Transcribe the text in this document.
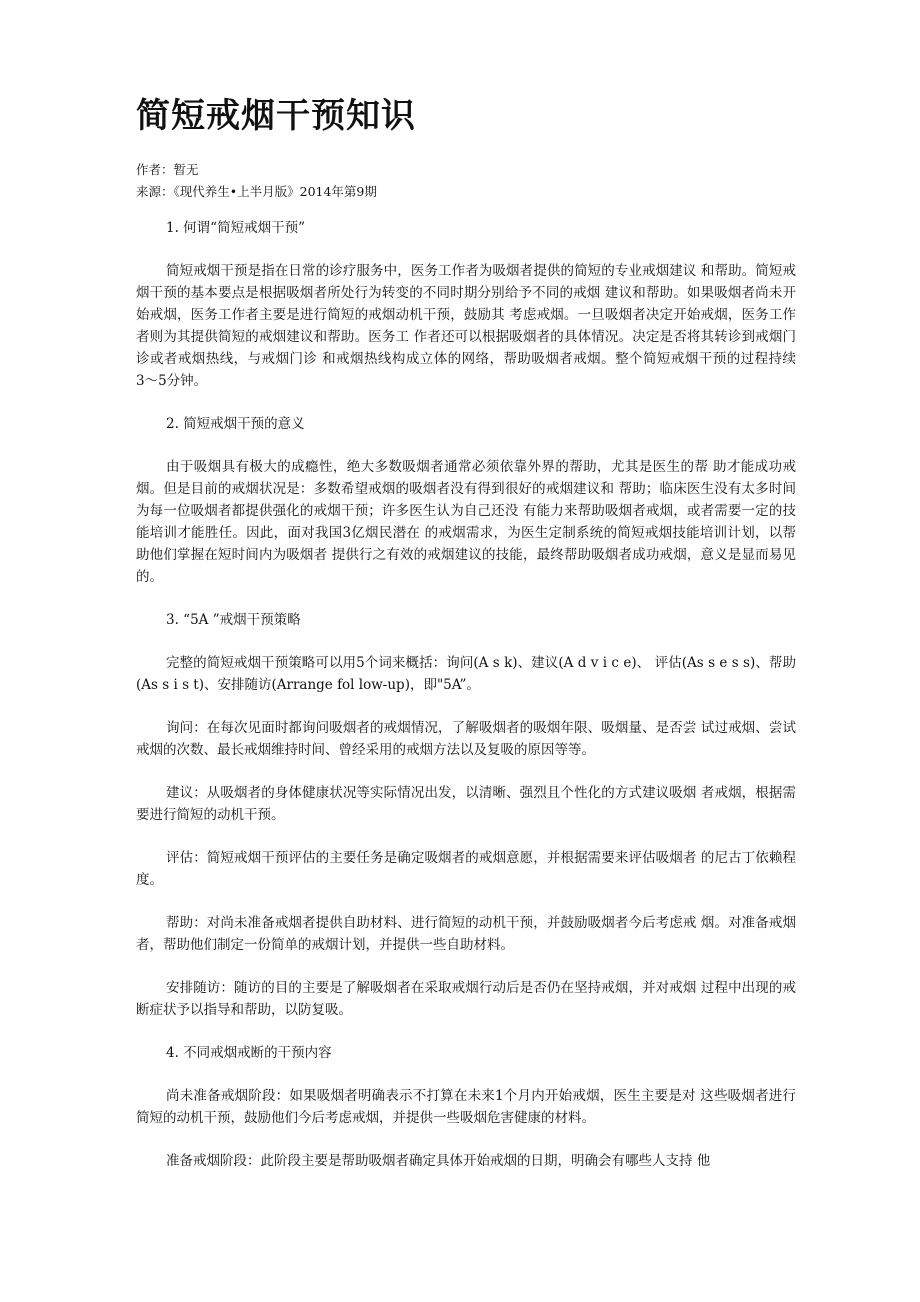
简短戒烟干预知识

作者：暂无

来源：《现代养生•上半月版》2014年第9期

1. 何谓“简短戒烟干预”

简短戒烟干预是指在日常的诊疗服务中，医务工作者为吸烟者提供的简短的专业戒烟建议 和帮助。简短戒烟干预的基本要点是根据吸烟者所处行为转变的不同时期分别给予不同的戒烟 建议和帮助。如果吸烟者尚未开始戒烟，医务工作者主要是进行简短的戒烟动机干预，鼓励其 考虑戒烟。一旦吸烟者决定开始戒烟，医务工作者则为其提供简短的戒烟建议和帮助。医务工 作者还可以根据吸烟者的具体情况。决定是否将其转诊到戒烟门诊或者戒烟热线，与戒烟门诊 和戒烟热线构成立体的网络，帮助吸烟者戒烟。整个简短戒烟干预的过程持续3〜5分钟。

2. 简短戒烟干预的意义

由于吸烟具有极大的成瘾性，绝大多数吸烟者通常必须依靠外界的帮助，尤其是医生的帮 助才能成功戒烟。但是目前的戒烟状况是：多数希望戒烟的吸烟者没有得到很好的戒烟建议和 帮助；临床医生没有太多时间为每一位吸烟者都提供强化的戒烟干预；许多医生认为自己还没 有能力来帮助吸烟者戒烟，或者需要一定的技能培训才能胜任。因此，面对我国3亿烟民潜在 的戒烟需求，为医生定制系统的简短戒烟技能培训计划，以帮助他们掌握在短时间内为吸烟者 提供行之有效的戒烟建议的技能，最终帮助吸烟者成功戒烟，意义是显而易见的。

3. “5A ”戒烟干预策略

完整的简短戒烟干预策略可以用5个词来概括：询问(A s k)、建议(A d v i c e)、 评估(As s e s s)、帮助(As s i s t)、安排随访(Arrange fol low-up)，即"5A”。

询问：在每次见面时都询问吸烟者的戒烟情况，了解吸烟者的吸烟年限、吸烟量、是否尝 试过戒烟、尝试戒烟的次数、最长戒烟维持时间、曾经采用的戒烟方法以及复吸的原因等等。

建议：从吸烟者的身体健康状况等实际情况出发，以清晰、强烈且个性化的方式建议吸烟 者戒烟，根据需要进行简短的动机干预。

评估：简短戒烟干预评估的主要任务是确定吸烟者的戒烟意愿，并根据需要来评估吸烟者 的尼古丁依赖程度。

帮助：对尚未准备戒烟者提供自助材料、进行简短的动机干预，并鼓励吸烟者今后考虑戒 烟。对准备戒烟者，帮助他们制定一份简单的戒烟计划，并提供一些自助材料。

安排随访：随访的目的主要是了解吸烟者在采取戒烟行动后是否仍在坚持戒烟，并对戒烟 过程中出现的戒断症状予以指导和帮助，以防复吸。

4. 不同戒烟戒断的干预内容

尚未准备戒烟阶段：如果吸烟者明确表示不打算在未来1个月内开始戒烟，医生主要是对 这些吸烟者进行简短的动机干预，鼓励他们今后考虑戒烟，并提供一些吸烟危害健康的材料。

准备戒烟阶段：此阶段主要是帮助吸烟者确定具体开始戒烟的日期，明确会有哪些人支持 他
